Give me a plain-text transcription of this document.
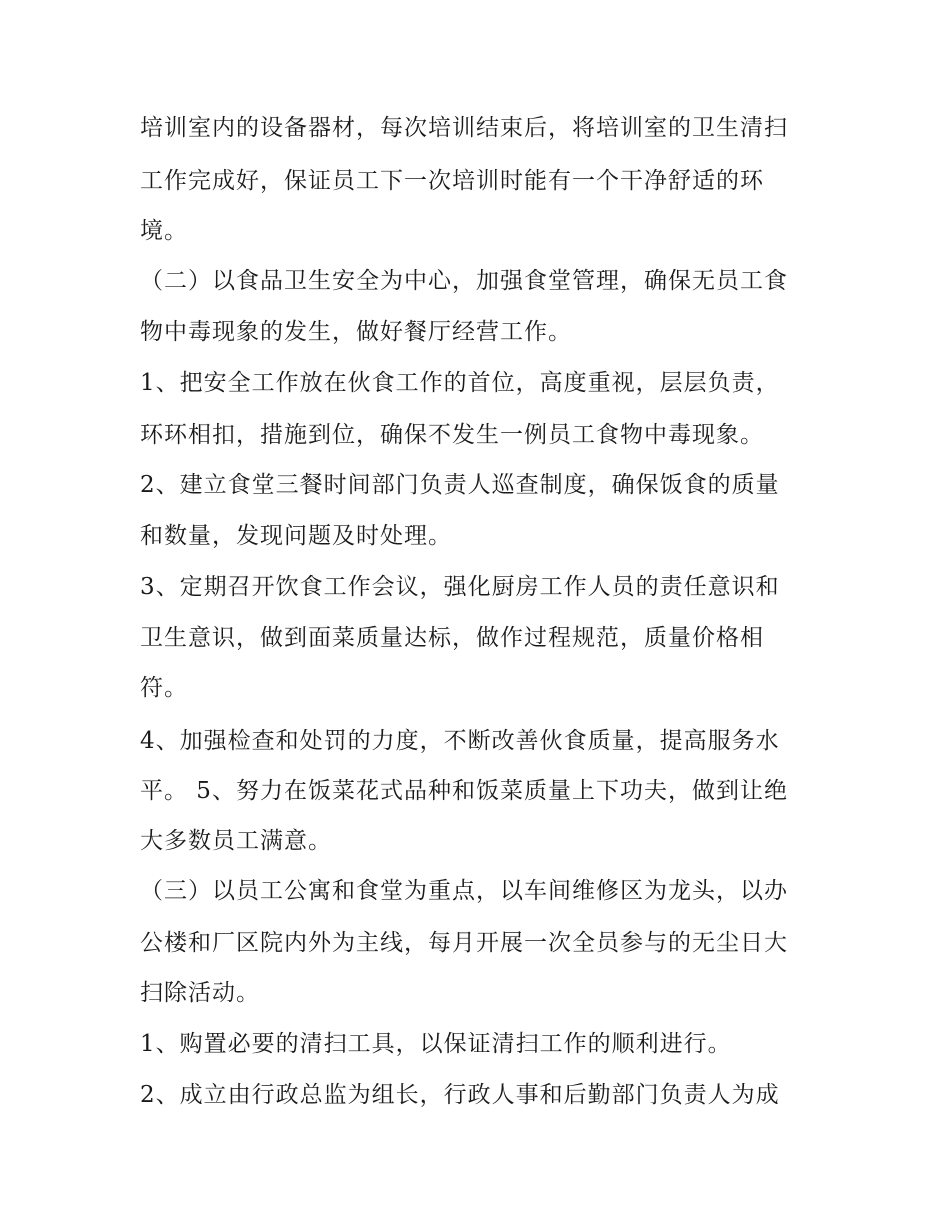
培训室内的设备器材，每次培训结束后，将培训室的卫生清扫
工作完成好，保证员工下一次培训时能有一个干净舒适的环
境。
（二）以食品卫生安全为中心，加强食堂管理，确保无员工食
物中毒现象的发生，做好餐厅经营工作。
1、把安全工作放在伙食工作的首位，高度重视，层层负责，
环环相扣，措施到位，确保不发生一例员工食物中毒现象。
2、建立食堂三餐时间部门负责人巡查制度，确保饭食的质量
和数量，发现问题及时处理。
3、定期召开饮食工作会议，强化厨房工作人员的责任意识和
卫生意识，做到面菜质量达标，做作过程规范，质量价格相
符。
4、加强检查和处罚的力度，不断改善伙食质量，提高服务水
平。 5、努力在饭菜花式品种和饭菜质量上下功夫，做到让绝
大多数员工满意。
（三）以员工公寓和食堂为重点，以车间维修区为龙头，以办
公楼和厂区院内外为主线，每月开展一次全员参与的无尘日大
扫除活动。
1、购置必要的清扫工具，以保证清扫工作的顺利进行。
2、成立由行政总监为组长，行政人事和后勤部门负责人为成
